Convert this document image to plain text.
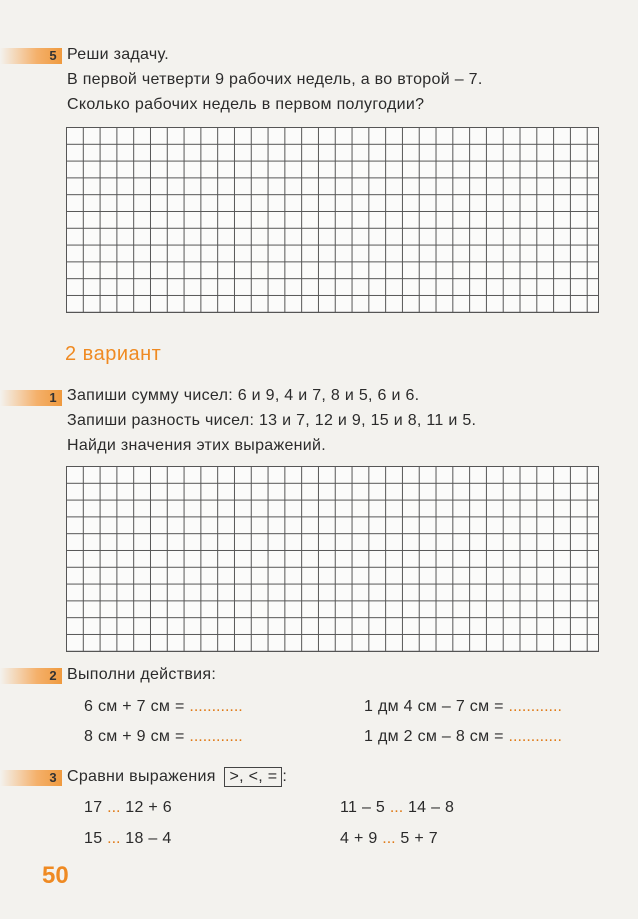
5 Реши задачу.
В первой четверти 9 рабочих недель, а во второй – 7.
Сколько рабочих недель в первом полугодии?
2 вариант
1 Запиши сумму чисел: 6 и 9, 4 и 7, 8 и 5, 6 и 6.
Запиши разность чисел: 13 и 7, 12 и 9, 15 и 8, 11 и 5.
Найди значения этих выражений.
2 Выполни действия:
6 см + 7 см = ............	1 дм 4 см – 7 см = ............
8 см + 9 см = ............	1 дм 2 см – 8 см = ............
3 Сравни выражения >, <, = :
17 ... 12 + 6	11 – 5 ... 14 – 8
15 ... 18 – 4	4 + 9 ... 5 + 7
50
